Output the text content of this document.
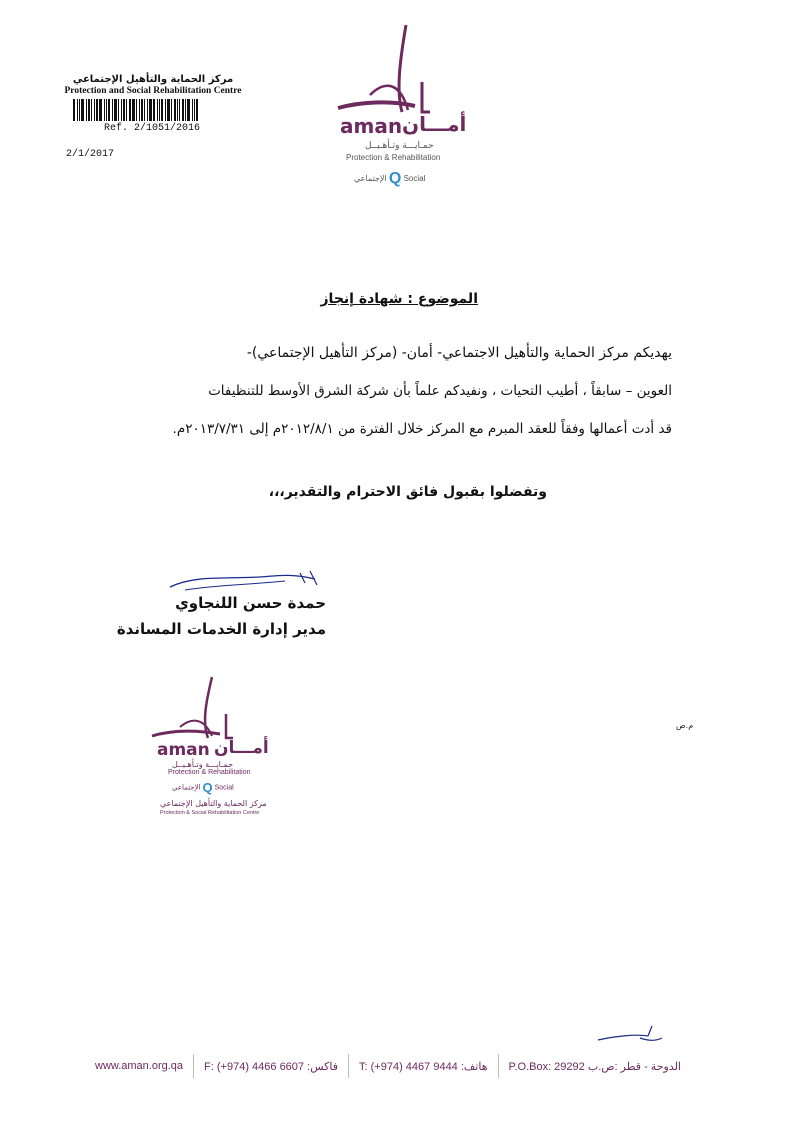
مركز الحماية والتأهيل الإجتماعي
Protection and Social Rehabilitation Centre
Ref. 2/1051/2016
2/1/2017
aman أمـــان
حمـايـــة وتـأهـيــل
Protection & Rehabilitation
الإجتماعي Q Social
الموضوع : شهادة إنجاز
يهديكم مركز الحماية والتأهيل الاجتماعي- أمان- (مركز التأهيل الإجتماعي)-
العوين – سابقاً ، أطيب التحيات ، ونفيدكم علماً بأن شركة الشرق الأوسط للتنظيفات
قد أدت أعمالها وفقاً للعقد المبرم مع المركز خلال الفترة من ٢٠١٢/٨/١م إلى ٢٠١٣/٧/٣١م.
وتفضلوا بقبول فائق الاحترام والتقدير،،،
حمدة حسن اللنجاوي
مدير إدارة الخدمات المساندة
aman أمـــان
حمـايـــة وتـأهـيــل
Protection & Rehabilitation
الإجتماعي Q Social
مركز الحماية والتأهيل الإجتماعي
Protection & Social Rehabilitation Centre
م.ص
www.aman.org.qa F: (+974) 4466 6607 :فاكس T: (+974) 4467 9444 :هاتف P.O.Box: 29292 الدوحة - قطر :ص.ب
